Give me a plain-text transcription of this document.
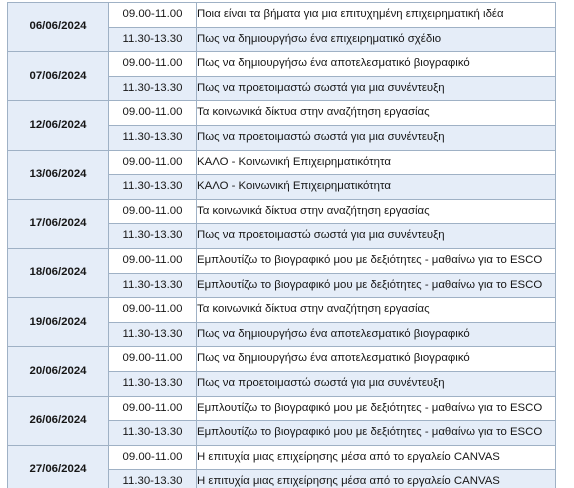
06/06/2024	09.00-11.00	Ποια είναι τα βήματα για μια επιτυχημένη επιχειρηματική ιδέα
	11.30-13.30	Πως να δημιουργήσω ένα επιχειρηματικό σχέδιο
07/06/2024	09.00-11.00	Πως να δημιουργήσω ένα αποτελεσματικό βιογραφικό
	11.30-13.30	Πως να προετοιμαστώ σωστά για μια συνέντευξη
12/06/2024	09.00-11.00	Τα κοινωνικά δίκτυα στην αναζήτηση εργασίας
	11.30-13.30	Πως να προετοιμαστώ σωστά για μια συνέντευξη
13/06/2024	09.00-11.00	ΚΑΛΟ - Κοινωνική Επιχειρηματικότητα
	11.30-13.30	ΚΑΛΟ - Κοινωνική Επιχειρηματικότητα
17/06/2024	09.00-11.00	Τα κοινωνικά δίκτυα στην αναζήτηση εργασίας
	11.30-13.30	Πως να προετοιμαστώ σωστά για μια συνέντευξη
18/06/2024	09.00-11.00	Εμπλουτίζω το βιογραφικό μου με δεξιότητες - μαθαίνω για το ESCO
	11.30-13.30	Εμπλουτίζω το βιογραφικό μου με δεξιότητες - μαθαίνω για το ESCO
19/06/2024	09.00-11.00	Τα κοινωνικά δίκτυα στην αναζήτηση εργασίας
	11.30-13.30	Πως να δημιουργήσω ένα αποτελεσματικό βιογραφικό
20/06/2024	09.00-11.00	Πως να δημιουργήσω ένα αποτελεσματικό βιογραφικό
	11.30-13.30	Πως να προετοιμαστώ σωστά για μια συνέντευξη
26/06/2024	09.00-11.00	Εμπλουτίζω το βιογραφικό μου με δεξιότητες - μαθαίνω για το ESCO
	11.30-13.30	Εμπλουτίζω το βιογραφικό μου με δεξιότητες - μαθαίνω για το ESCO
27/06/2024	09.00-11.00	Η επιτυχία μιας επιχείρησης μέσα από το εργαλείο CANVAS
	11.30-13.30	Η επιτυχία μιας επιχείρησης μέσα από το εργαλείο CANVAS
